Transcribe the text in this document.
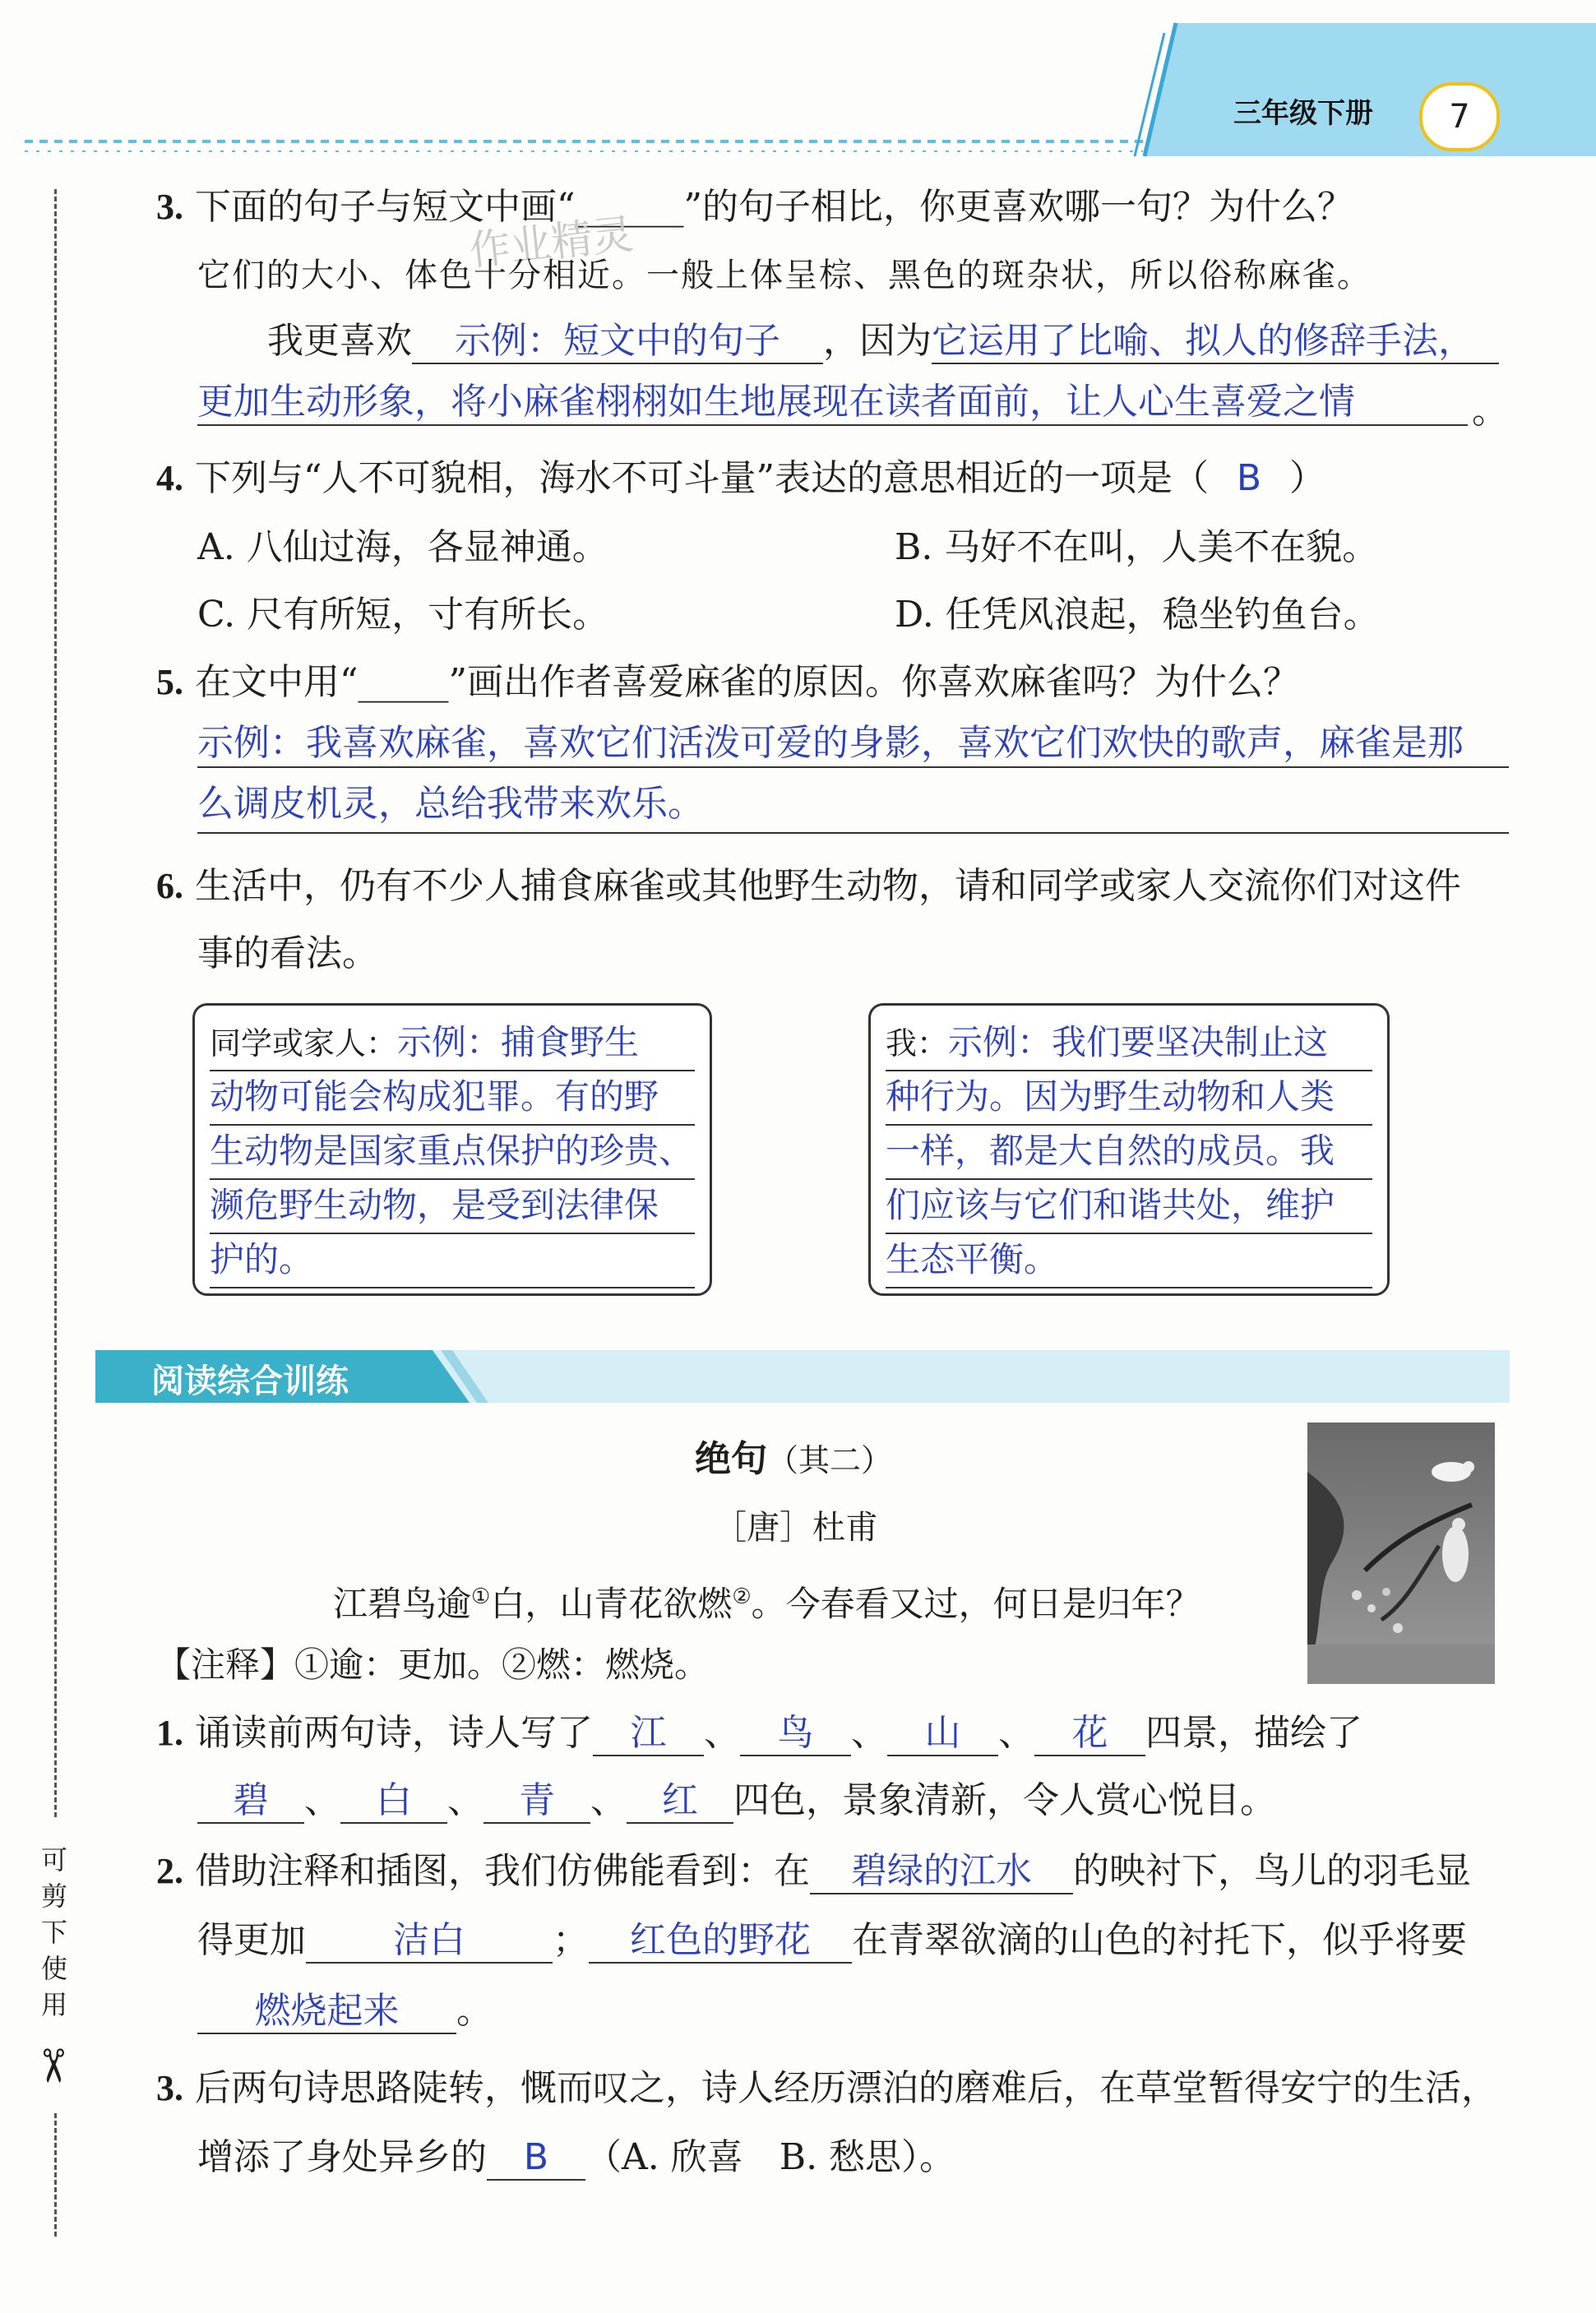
三年级下册	7
可
剪
下
使
用
✂
3. 下面的句子与短文中画“______”的句子相比，你更喜欢哪一句？为什么？
作业精灵
它们的大小、体色十分相近。一般上体呈棕、黑色的斑杂状，所以俗称麻雀。
我更喜欢 示例：短文中的句子 ，因为它运用了比喻、拟人的修辞手法，
更加生动形象，将小麻雀栩栩如生地展现在读者面前，让人心生喜爱之情	。
4. 下列与“人不可貌相，海水不可斗量”表达的意思相近的一项是（ B ）
A. 八仙过海，各显神通。	B. 马好不在叫，人美不在貌。
C. 尺有所短，寸有所长。	D. 任凭风浪起，稳坐钓鱼台。
5. 在文中用“_____”画出作者喜爱麻雀的原因。你喜欢麻雀吗？为什么？
示例：我喜欢麻雀，喜欢它们活泼可爱的身影，喜欢它们欢快的歌声，麻雀是那
么调皮机灵，总给我带来欢乐。
6. 生活中，仍有不少人捕食麻雀或其他野生动物，请和同学或家人交流你们对这件
事的看法。
同学或家人：示例：捕食野生
动物可能会构成犯罪。有的野
生动物是国家重点保护的珍贵、
濒危野生动物，是受到法律保
护的。
我：示例：我们要坚决制止这
种行为。因为野生动物和人类
一样，都是大自然的成员。我
们应该与它们和谐共处，维护
生态平衡。
阅读综合训练
绝句（其二）
［唐］杜甫
江碧鸟逾①白，山青花欲燃②。今春看又过，何日是归年？
【注释】①逾：更加。②燃：燃烧。
1. 诵读前两句诗，诗人写了 江 、 鸟 、 山 、 花 四景，描绘了
碧 、 白 、 青 、 红 四色，景象清新，令人赏心悦目。
2. 借助注释和插图，我们仿佛能看到：在 碧绿的江水 的映衬下，鸟儿的羽毛显
得更加 洁白 ； 红色的野花 在青翠欲滴的山色的衬托下，似乎将要
燃烧起来 。
3. 后两句诗思路陡转，慨而叹之，诗人经历漂泊的磨难后，在草堂暂得安宁的生活，
增添了身处异乡的 B （A. 欣喜　B. 愁思）。
